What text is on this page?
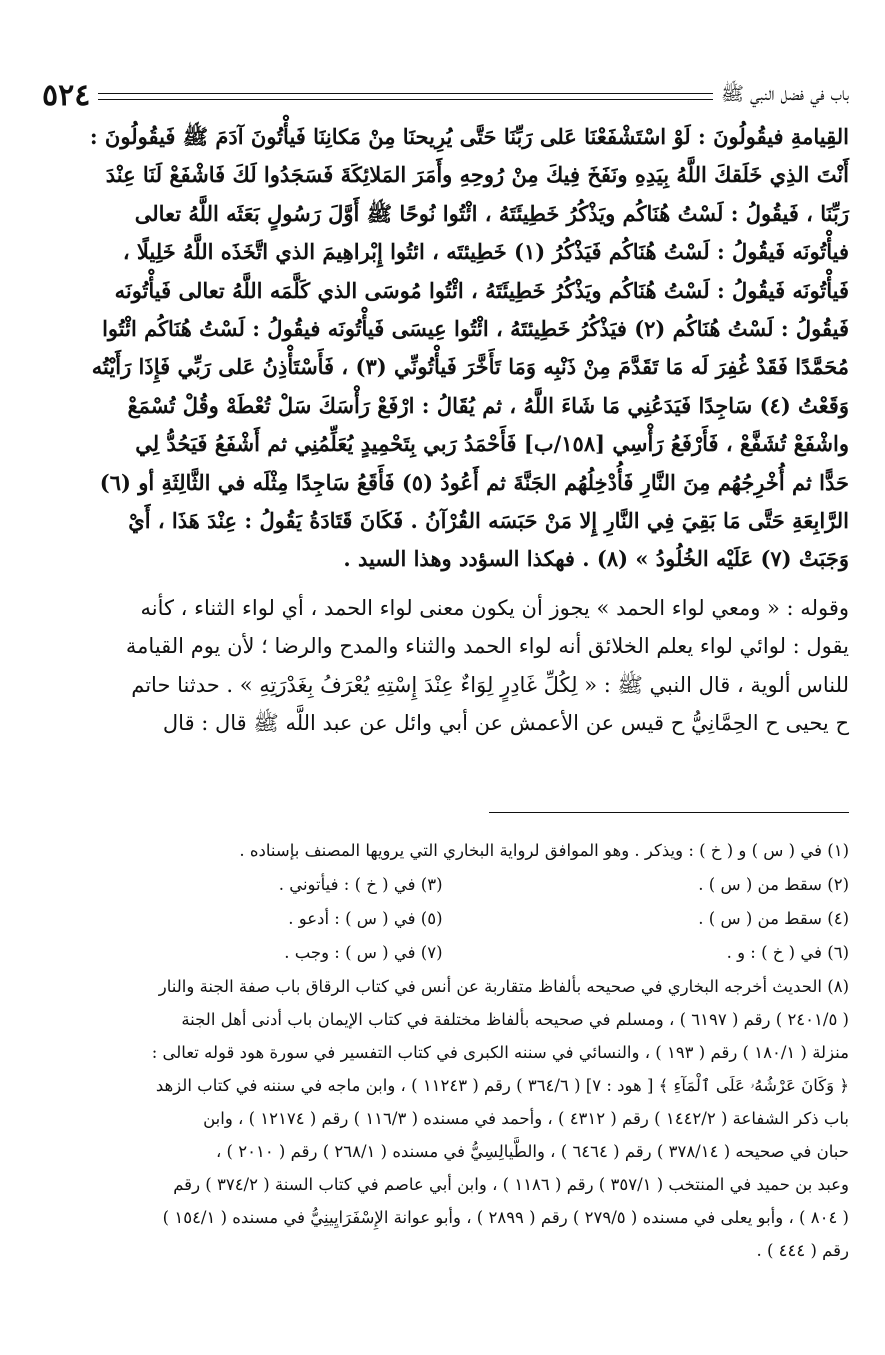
٥٢٤	باب في فضل النبي ﷺ

القِيامةِ فيقُولُونَ : لَوْ اسْتَشْفَعْنَا عَلى رَبِّنَا حَتَّى يُرِيحنَا مِنْ مَكانِنَا فَيأْتُونَ آدَمَ ﷺ فَيقُولُونَ :

أَنْتَ الذِي خَلَقكَ اللَّهُ بِيَدِهِ ونَفَخَ فِيكَ مِنْ رُوحِهِ وأَمَرَ المَلائِكَةَ فَسَجَدُوا لَكَ فَاشْفَعْ لَنَا عِنْدَ

رَبِّنَا ، فَيقُولُ : لَسْتُ هُنَاكُم ويَذْكُرُ خَطِيئَتَهُ ، ائْتُوا نُوحًا ﷺ أَوَّلَ رَسُولٍ بَعَثَه اللَّهُ تعالى

فيأْتُونَه فَيقُولُ : لَسْتُ هُنَاكُم فَيَذْكُرُ (١) خَطِيئتَه ، ائتُوا إِبْراهِيمَ الذي اتَّخَذَه اللَّهُ خَلِيلًا ،

فَيأْتُونَه فَيقُولُ : لَسْتُ هُنَاكُم ويَذْكُرُ خَطِيئَتَهُ ، ائْتُوا مُوسَى الذي كَلَّمَه اللَّهُ تعالى فَيأْتُونَه

فَيقُولُ : لَسْتُ هُنَاكُم (٢) فيَذْكُرُ خَطِيئتَهُ ، ائْتُوا عِيسَى فَيأْتُونَه فيقُولُ : لَسْتُ هُنَاكُم ائْتُوا

مُحَمَّدًا فَقَدْ غُفِرَ لَه مَا تَقَدَّمَ مِنْ ذَنْبِه وَمَا تَأَخَّرَ فَيأْتُونِّي (٣) ، فَأَسْتَأْذِنُ عَلى رَبِّي فَإِذَا رَأَيْتُه

وَقَعْتُ (٤) سَاجِدًا فَيَدَعُنِي مَا شَاءَ اللَّهُ ، ثم يُقَالُ : ارْفَعْ رَأْسَكَ سَلْ تُعْطَهْ وقُلْ تُسْمَعْ

واشْفَعْ تُشَفَّعْ ، فَأَرْفَعُ رَأْسِي [١٥٨/ب] فَأَحْمَدُ رَبي بِتَحْمِيدٍ يُعَلِّمُنِي ثم أَشْفَعُ فَيَحُدُّ لِي

حَدًّا ثم أُخْرِجُهُم مِنَ النَّارِ فَأُدْخِلُهُم الجَنَّةَ ثم أَعُودُ (٥) فَأَقَعُ سَاجِدًا مِثْلَه في الثَّالِثَةِ أو (٦)

الرَّابِعَةِ حَتَّى مَا بَقِيَ فِي النَّارِ إِلا مَنْ حَبَسَه القُرْآنُ . فَكَانَ قَتَادَةُ يَقُولُ : عِنْدَ هَذَا ، أَيْ

وَجَبَتْ (٧) عَلَيْه الخُلُودُ » (٨) . فهكذا السؤدد وهذا السيد .

وقوله : « ومعي لواء الحمد » يجوز أن يكون معنى لواء الحمد ، أي لواء الثناء ، كأنه

يقول : لوائي لواء يعلم الخلائق أنه لواء الحمد والثناء والمدح والرضا ؛ لأن يوم القيامة

للناس ألوية ، قال النبي ﷺ : « لِكُلِّ غَادِرٍ لِوَاءٌ عِنْدَ إِسْتِهِ يُعْرَفُ بِغَدْرَتِهِ » . حدثنا حاتم

ح يحيى ح الحِمَّانِيُّ ح قيس عن الأعمش عن أبي وائل عن عبد اللَّه ﷺ قال : قال

(١) في ( س ) و ( خ ) : ويذكر . وهو الموافق لرواية البخاري التي يرويها المصنف بإسناده .
(٢) سقط من ( س ) .
(٣) في ( خ ) : فيأتوني .
(٤) سقط من ( س ) .
(٥) في ( س ) : أدعو .
(٦) في ( خ ) : و .
(٧) في ( س ) : وجب .

(٨) الحديث أخرجه البخاري في صحيحه بألفاظ متقاربة عن أنس في كتاب الرقاق باب صفة الجنة والنار

( ٢٤٠١/٥ ) رقم ( ٦١٩٧ ) ، ومسلم في صحيحه بألفاظ مختلفة في كتاب الإيمان باب أدنى أهل الجنة

منزلة ( ١٨٠/١ ) رقم ( ١٩٣ ) ، والنسائي في سننه الكبرى في كتاب التفسير في سورة هود قوله تعالى :

﴿ وَكَانَ عَرْشُهُۥ عَلَى ٱلْمَآءِ ﴾ [ هود : ٧] ( ٣٦٤/٦ ) رقم ( ١١٢٤٣ ) ، وابن ماجه في سننه في كتاب الزهد

باب ذكر الشفاعة ( ١٤٤٢/٢ ) رقم ( ٤٣١٢ ) ، وأحمد في مسنده ( ١١٦/٣ ) رقم ( ١٢١٧٤ ) ، وابن

حبان في صحيحه ( ٣٧٨/١٤ ) رقم ( ٦٤٦٤ ) ، والطَّيالِسِيُّ في مسنده ( ٢٦٨/١ ) رقم ( ٢٠١٠ ) ،

وعبد بن حميد في المنتخب ( ٣٥٧/١ ) رقم ( ١١٨٦ ) ، وابن أبي عاصم في كتاب السنة ( ٣٧٤/٢ ) رقم

( ٨٠٤ ) ، وأبو يعلى في مسنده ( ٢٧٩/٥ ) رقم ( ٢٨٩٩ ) ، وأبو عوانة الإِسْفَرَايِينِيُّ في مسنده ( ١٥٤/١ )

رقم ( ٤٤٤ ) .
